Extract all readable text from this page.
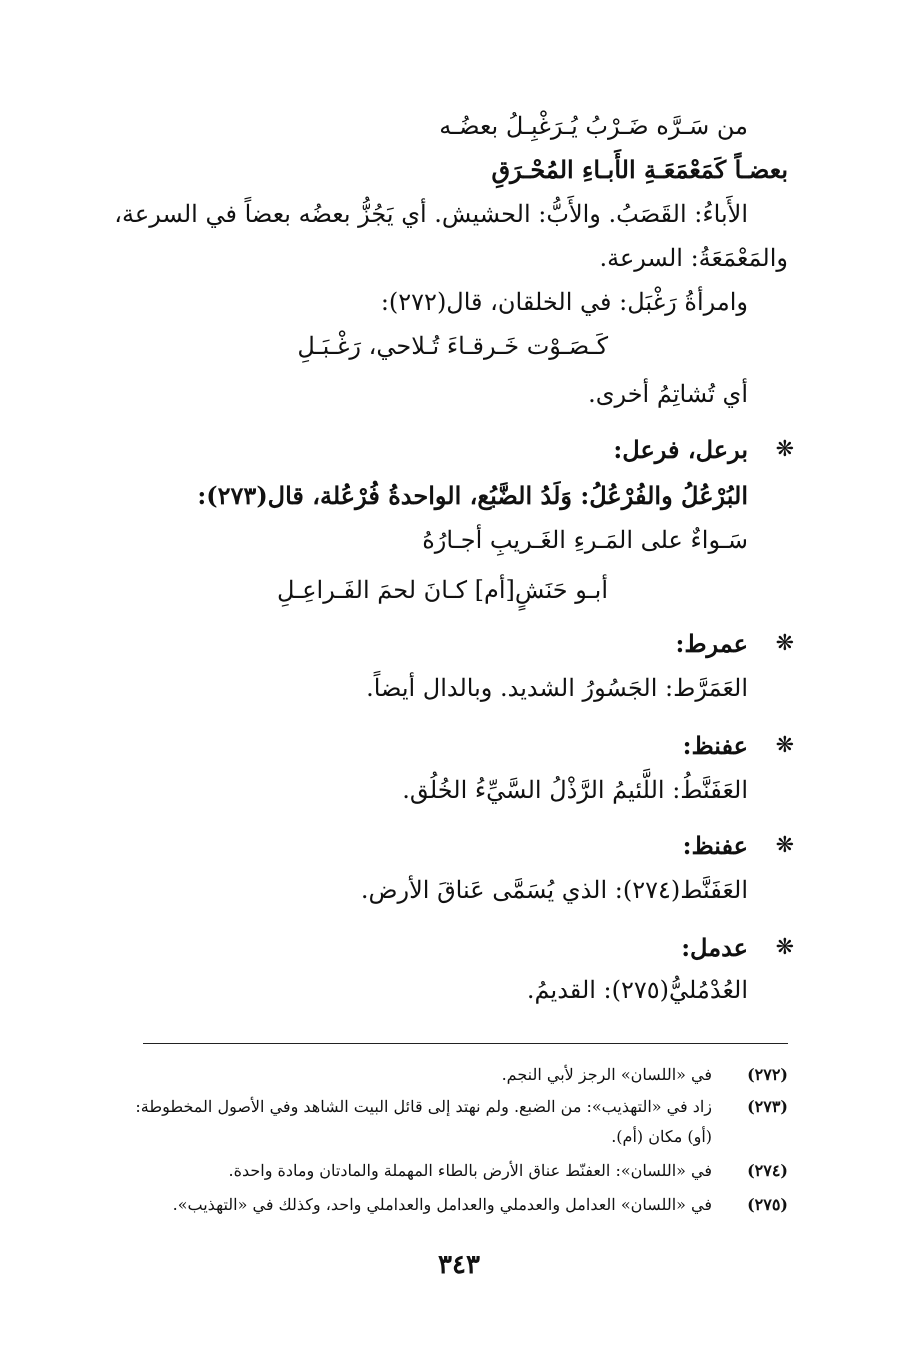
من سَـرَّه ضَـرْبُ يُـرَغْبِـلُ بعضُـه
بعضـاً كَمَعْمَعَـةِ الأَبـاءِ المُحْـرَقِ
الأَباءُ: القَصَبُ. والأَبُّ: الحشيش. أي يَجُزُّ بعضُه بعضاً في السرعة،
والمَعْمَعَةُ: السرعة.
وامرأةُ رَغْبَل: في الخلقان، قال(٢٧٢):
كَـصَـوْت خَـرقـاءَ تُـلاحي، رَغْـبَـلِ
أي تُشاتِمُ أخرى.
❋
برعل، فرعل:
البُرْعُلُ والفُرْعُلُ: وَلَدُ الضَّبُع، الواحدةُ فُرْعُلة، قال(٢٧٣):
سَـواءٌ على المَـرءِ الغَـريبِ أجـارُهُ
أبـو حَنَشٍ[أم] كـانَ لحمَ الفَـراعِـلِ
❋
عمرط:
العَمَرَّط: الجَسُورُ الشديد. وبالدال أيضاً.
❋
عفنظ:
العَفَنَّطُ: اللَّئيمُ الرَّذْلُ السَّيِّءُ الخُلُق.
❋
عفنظ:
العَفَنَّط(٢٧٤): الذي يُسَمَّى عَناقَ الأرض.
❋
عدمل:
العُدْمُليُّ(٢٧٥): القديمُ.
(٢٧٢)
في «اللسان» الرجز لأبي النجم.
(٢٧٣)
زاد في «التهذيب»: من الضبع. ولم نهتد إلى قائل البيت الشاهد وفي الأصول المخطوطة:
(أو) مكان (أم).
(٢٧٤)
في «اللسان»: العفنّط عناق الأرض بالطاء المهملة والمادتان ومادة واحدة.
(٢٧٥)
في «اللسان» العدامل والعدملي والعدامل والعداملي واحد، وكذلك في «التهذيب».
٣٤٣
